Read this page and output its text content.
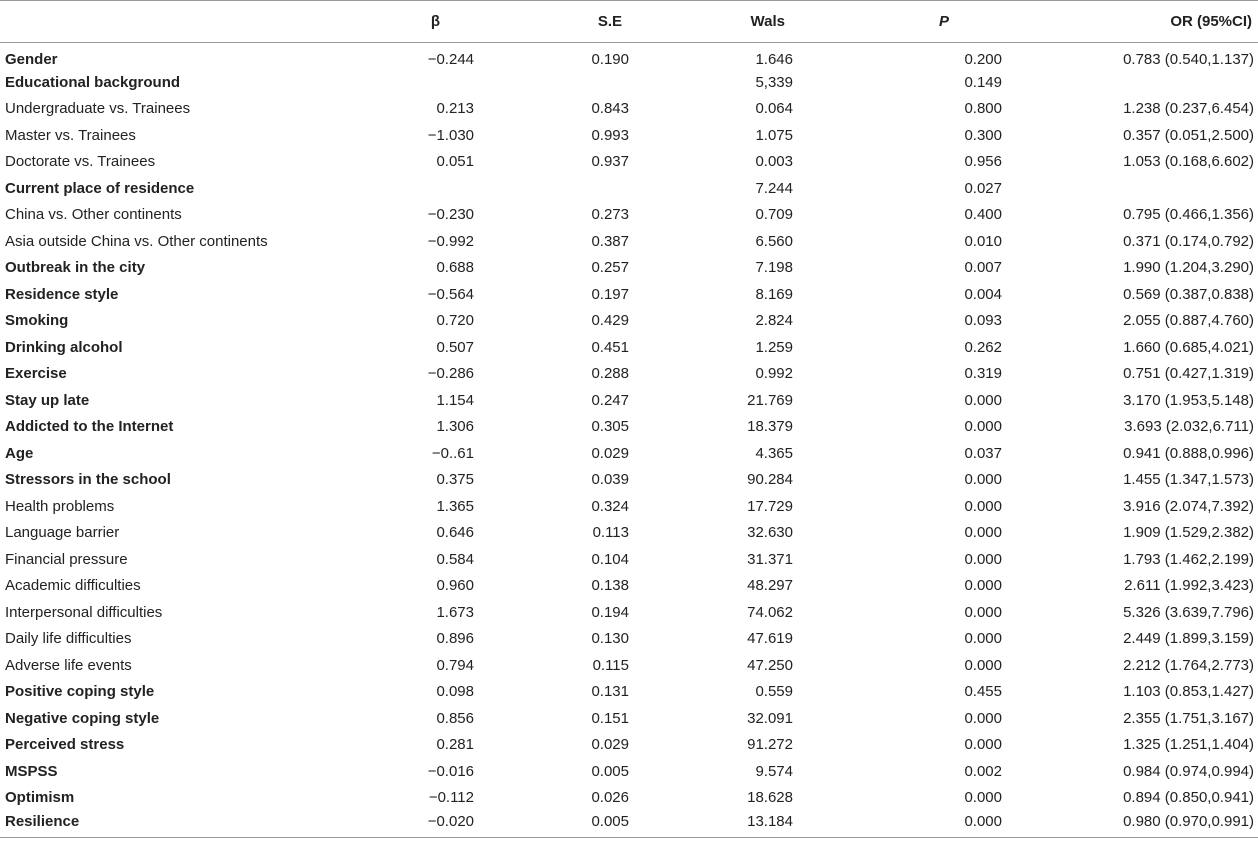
	β	S.E	Wals	P	OR (95%CI)
Gender	−0.244	0.190	1.646	0.200	0.783 (0.540,1.137)
Educational background			5,339	0.149	
Undergraduate vs. Trainees	0.213	0.843	0.064	0.800	1.238 (0.237,6.454)
Master vs. Trainees	−1.030	0.993	1.075	0.300	0.357 (0.051,2.500)
Doctorate vs. Trainees	0.051	0.937	0.003	0.956	1.053 (0.168,6.602)
Current place of residence			7.244	0.027	
China vs. Other continents	−0.230	0.273	0.709	0.400	0.795 (0.466,1.356)
Asia outside China vs. Other continents	−0.992	0.387	6.560	0.010	0.371 (0.174,0.792)
Outbreak in the city	0.688	0.257	7.198	0.007	1.990 (1.204,3.290)
Residence style	−0.564	0.197	8.169	0.004	0.569 (0.387,0.838)
Smoking	0.720	0.429	2.824	0.093	2.055 (0.887,4.760)
Drinking alcohol	0.507	0.451	1.259	0.262	1.660 (0.685,4.021)
Exercise	−0.286	0.288	0.992	0.319	0.751 (0.427,1.319)
Stay up late	1.154	0.247	21.769	0.000	3.170 (1.953,5.148)
Addicted to the Internet	1.306	0.305	18.379	0.000	3.693 (2.032,6.711)
Age	−0..61	0.029	4.365	0.037	0.941 (0.888,0.996)
Stressors in the school	0.375	0.039	90.284	0.000	1.455 (1.347,1.573)
Health problems	1.365	0.324	17.729	0.000	3.916 (2.074,7.392)
Language barrier	0.646	0.113	32.630	0.000	1.909 (1.529,2.382)
Financial pressure	0.584	0.104	31.371	0.000	1.793 (1.462,2.199)
Academic difficulties	0.960	0.138	48.297	0.000	2.611 (1.992,3.423)
Interpersonal difficulties	1.673	0.194	74.062	0.000	5.326 (3.639,7.796)
Daily life difficulties	0.896	0.130	47.619	0.000	2.449 (1.899,3.159)
Adverse life events	0.794	0.115	47.250	0.000	2.212 (1.764,2.773)
Positive coping style	0.098	0.131	0.559	0.455	1.103 (0.853,1.427)
Negative coping style	0.856	0.151	32.091	0.000	2.355 (1.751,3.167)
Perceived stress	0.281	0.029	91.272	0.000	1.325 (1.251,1.404)
MSPSS	−0.016	0.005	9.574	0.002	0.984 (0.974,0.994)
Optimism	−0.112	0.026	18.628	0.000	0.894 (0.850,0.941)
Resilience	−0.020	0.005	13.184	0.000	0.980 (0.970,0.991)
